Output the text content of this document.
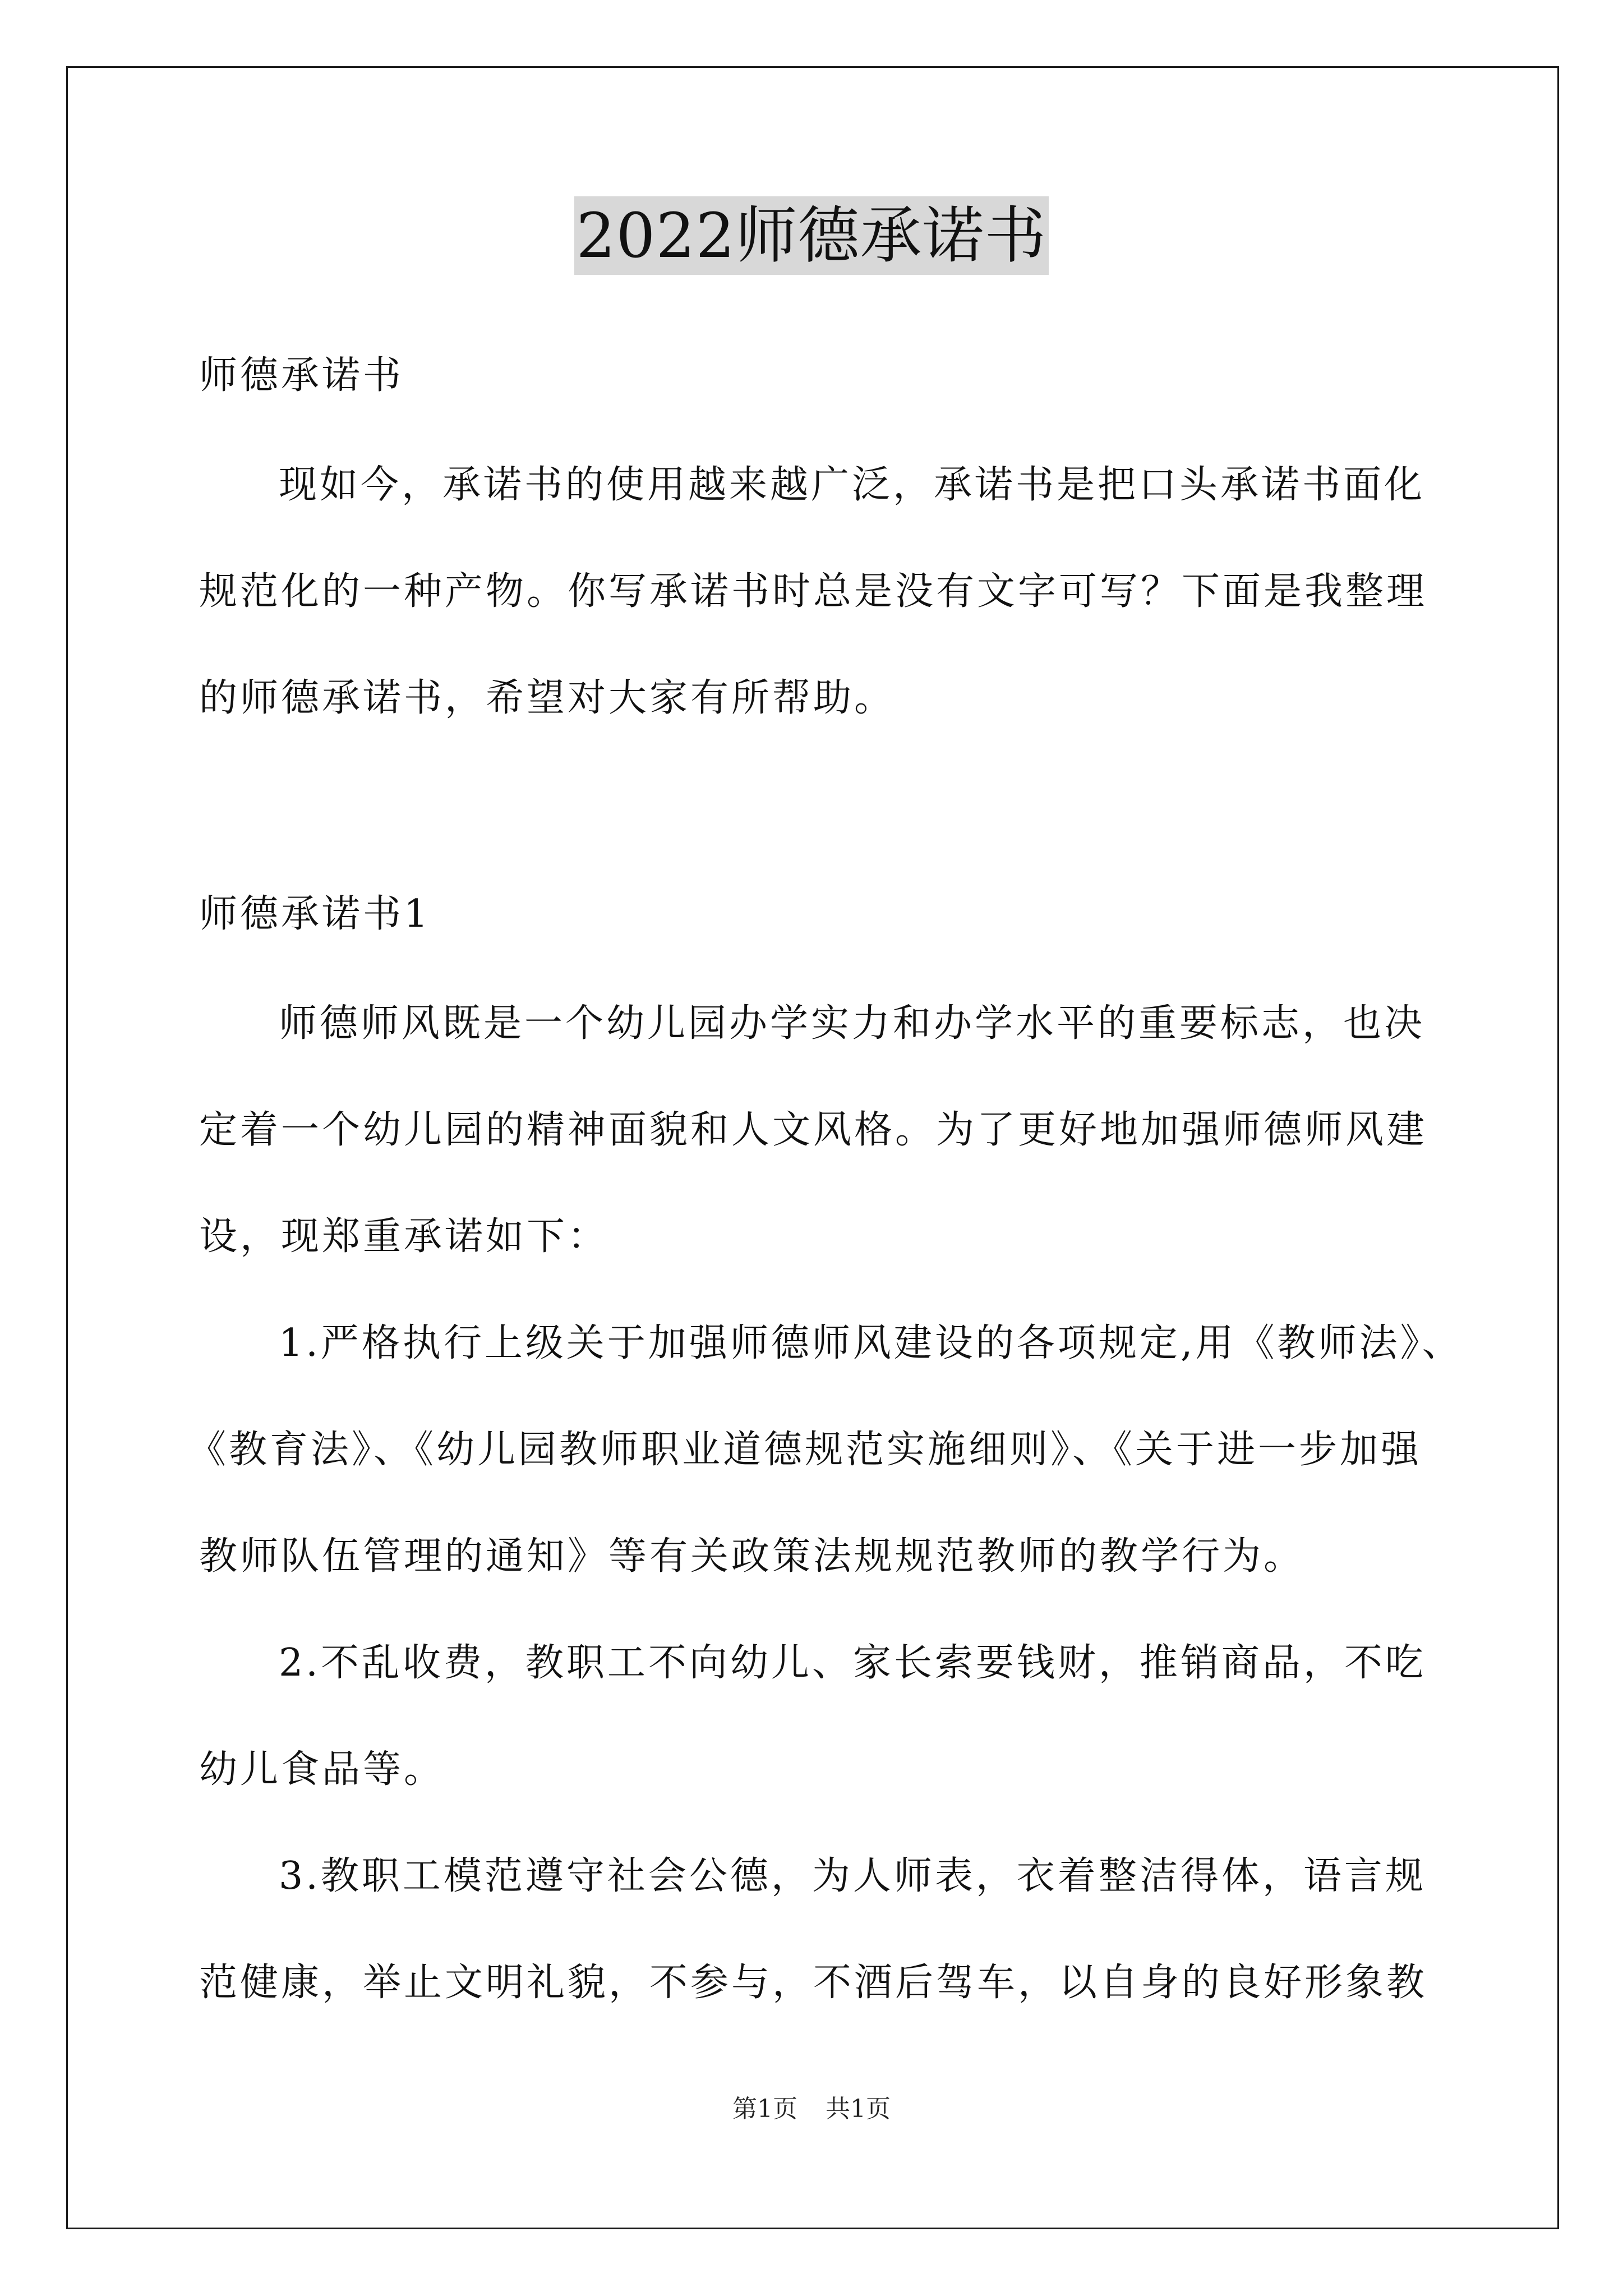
2022师德承诺书
师德承诺书
现如今，承诺书的使用越来越广泛，承诺书是把口头承诺书面化
规范化的一种产物。你写承诺书时总是没有文字可写？下面是我整理
的师德承诺书，希望对大家有所帮助。
师德承诺书1
师德师风既是一个幼儿园办学实力和办学水平的重要标志，也决
定着一个幼儿园的精神面貌和人文风格。为了更好地加强师德师风建
设，现郑重承诺如下：
1.严格执行上级关于加强师德师风建设的各项规定,用《教师法》、
《教育法》、《幼儿园教师职业道德规范实施细则》、《关于进一步加强
教师队伍管理的通知》等有关政策法规规范教师的教学行为。
2.不乱收费，教职工不向幼儿、家长索要钱财，推销商品，不吃
幼儿食品等。
3.教职工模范遵守社会公德，为人师表，衣着整洁得体，语言规
范健康，举止文明礼貌，不参与，不酒后驾车，以自身的良好形象教
第1页 共1页
